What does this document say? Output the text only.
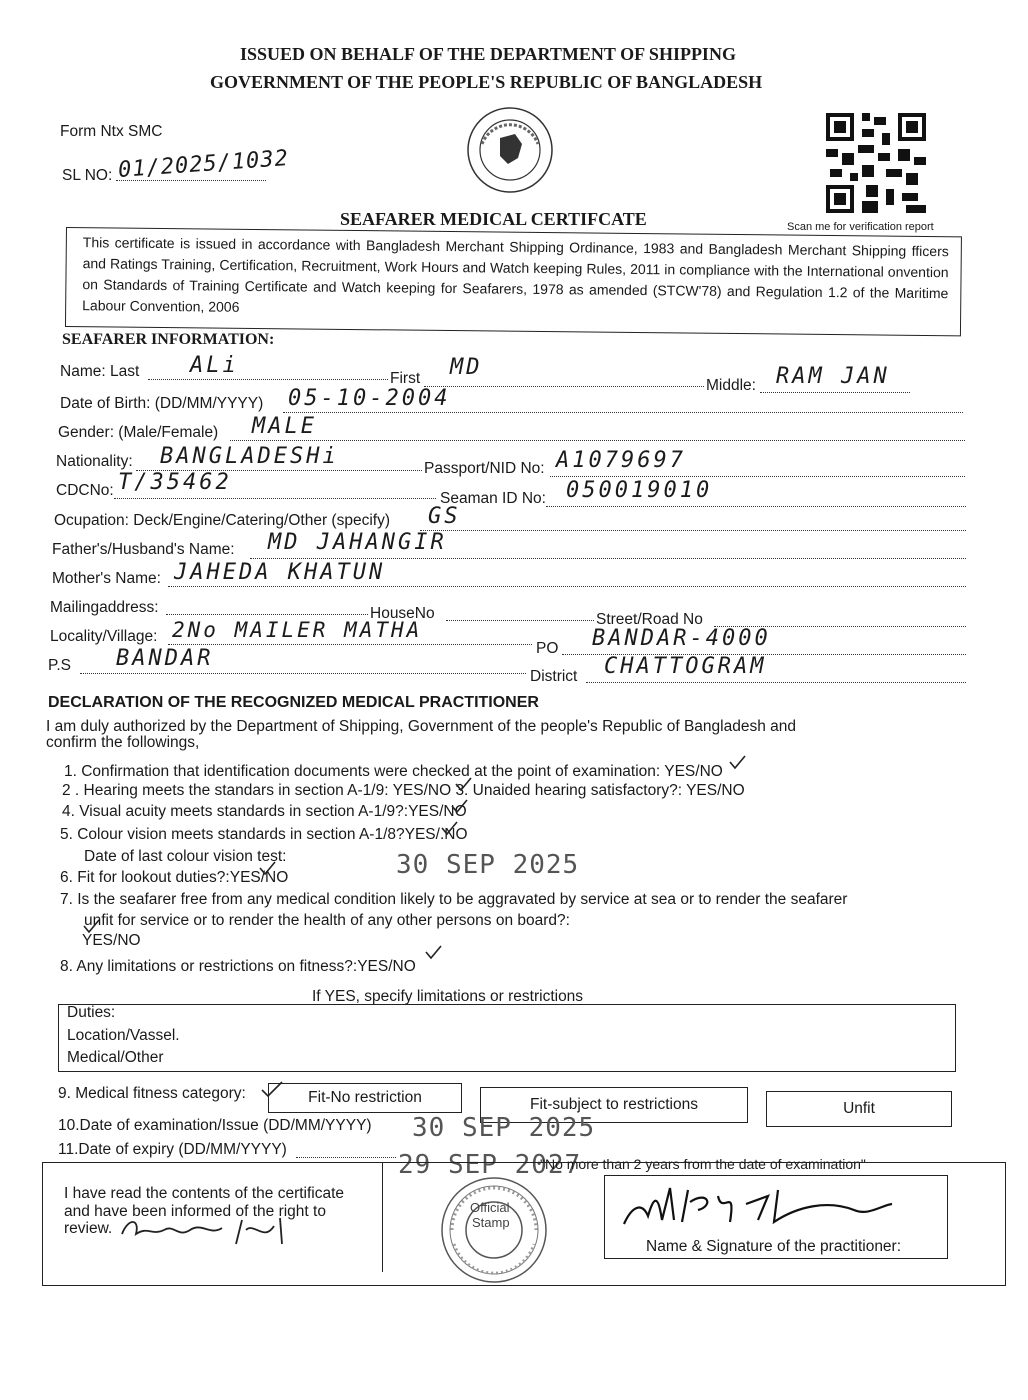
ISSUED ON BEHALF OF THE DEPARTMENT OF SHIPPING
GOVERNMENT OF THE PEOPLE'S REPUBLIC OF BANGLADESH
Form Ntx SMC
SL NO: 01/2025/1032
Scan me for verification report
SEAFARER MEDICAL CERTIFCATE
This certificate is issued in accordance with Bangladesh Merchant Shipping Ordinance, 1983 and Bangladesh Merchant Shipping fficers and Ratings Training, Certification, Recruitment, Work Hours and Watch keeping Rules, 2011 in compliance with the International onvention on Standards of Training Certificate and Watch keeping for Seafarers, 1978 as amended (STCW'78) and Regulation 1.2 of the Maritime Labour Convention, 2006
SEAFARER INFORMATION:
Name: Last ALi
First MD
Middle: RAM JAN
Date of Birth: (DD/MM/YYYY) 05-10-2004
Gender: (Male/Female) MALE
Nationality: BANGLADESHi	Passport/NID No: A1079697
CDCNo: T/35462
Seaman ID No: 050019010
Ocupation: Deck/Engine/Catering/Other (specify) GS
Father's/Husband's Name: MD JAHANGIR
Mother's Name: JAHEDA KHATUN
Mailingaddress:	HouseNo	Street/Road No
Locality/Village: 2No MAILER MATHA
PO BANDAR-4000
P.S BANDAR
District CHATTOGRAM
DECLARATION OF THE RECOGNIZED MEDICAL PRACTITIONER
I am duly authorized by the Department of Shipping, Government of the people's Republic of Bangladesh and
confirm the followings,
1. Confirmation that identification documents were checked at the point of examination: YES/NO
2 . Hearing meets the standars in section A-1/9: YES/NO 3. Unaided hearing satisfactory?: YES/NO
4. Visual acuity meets standards in section A-1/9?:YES/NO
5. Colour vision meets standards in section A-1/8?YES/.NO
Date of last colour vision test:	30 SEP 2025
6. Fit for lookout duties?:YES/NO
7. Is the seafarer free from any medical condition likely to be aggravated by service at sea or to render the seafarer
unfit for service or to render the health of any other persons on board?:
YES/NO
8. Any limitations or restrictions on fitness?:YES/NO
If YES, specify limitations or restrictions
Duties:
Location/Vassel.
Medical/Other
9. Medical fitness category:	Fit-No restriction	Fit-subject to restrictions	Unfit
10.Date of examination/Issue (DD/MM/YYYY) 30 SEP 2025
11.Date of expiry (DD/MM/YYYY)
29 SEP 2027
"No more than 2 years from the date of examination"
I have read the contents of the certificate
and have been informed of the right to
review.
Official
Stamp
Name & Signature of the practitioner:
